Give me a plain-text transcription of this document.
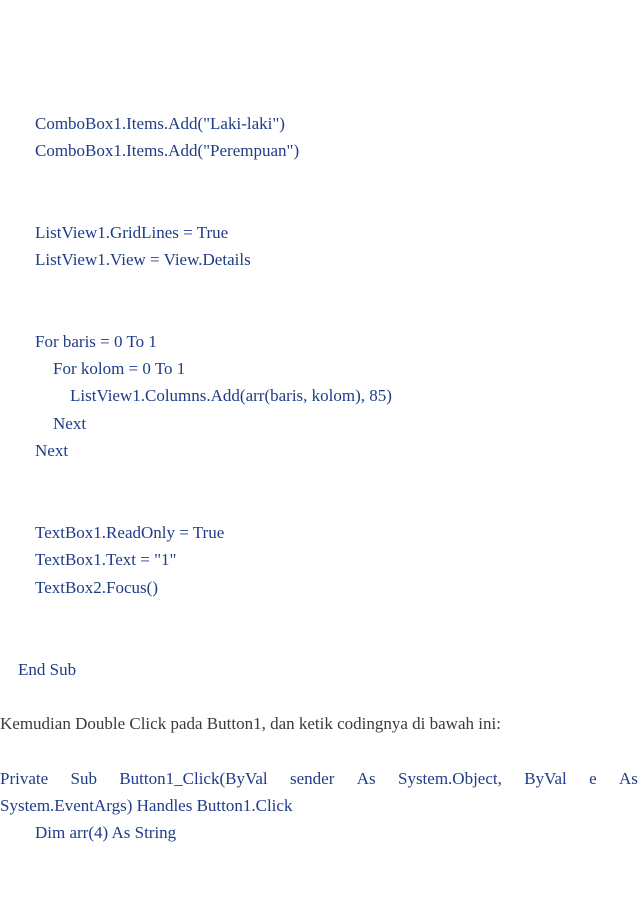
ComboBox1.Items.Add("Laki-laki")
ComboBox1.Items.Add("Perempuan")
ListView1.GridLines = True
ListView1.View = View.Details
For baris = 0 To 1
For kolom = 0 To 1
ListView1.Columns.Add(arr(baris, kolom), 85)
Next
Next
TextBox1.ReadOnly = True
TextBox1.Text = "1"
TextBox2.Focus()
End Sub
Kemudian Double Click pada Button1, dan ketik codingnya di bawah ini:
Private Sub Button1_Click(ByVal sender As System.Object, ByVal e As
System.EventArgs) Handles Button1.Click
Dim arr(4) As String
